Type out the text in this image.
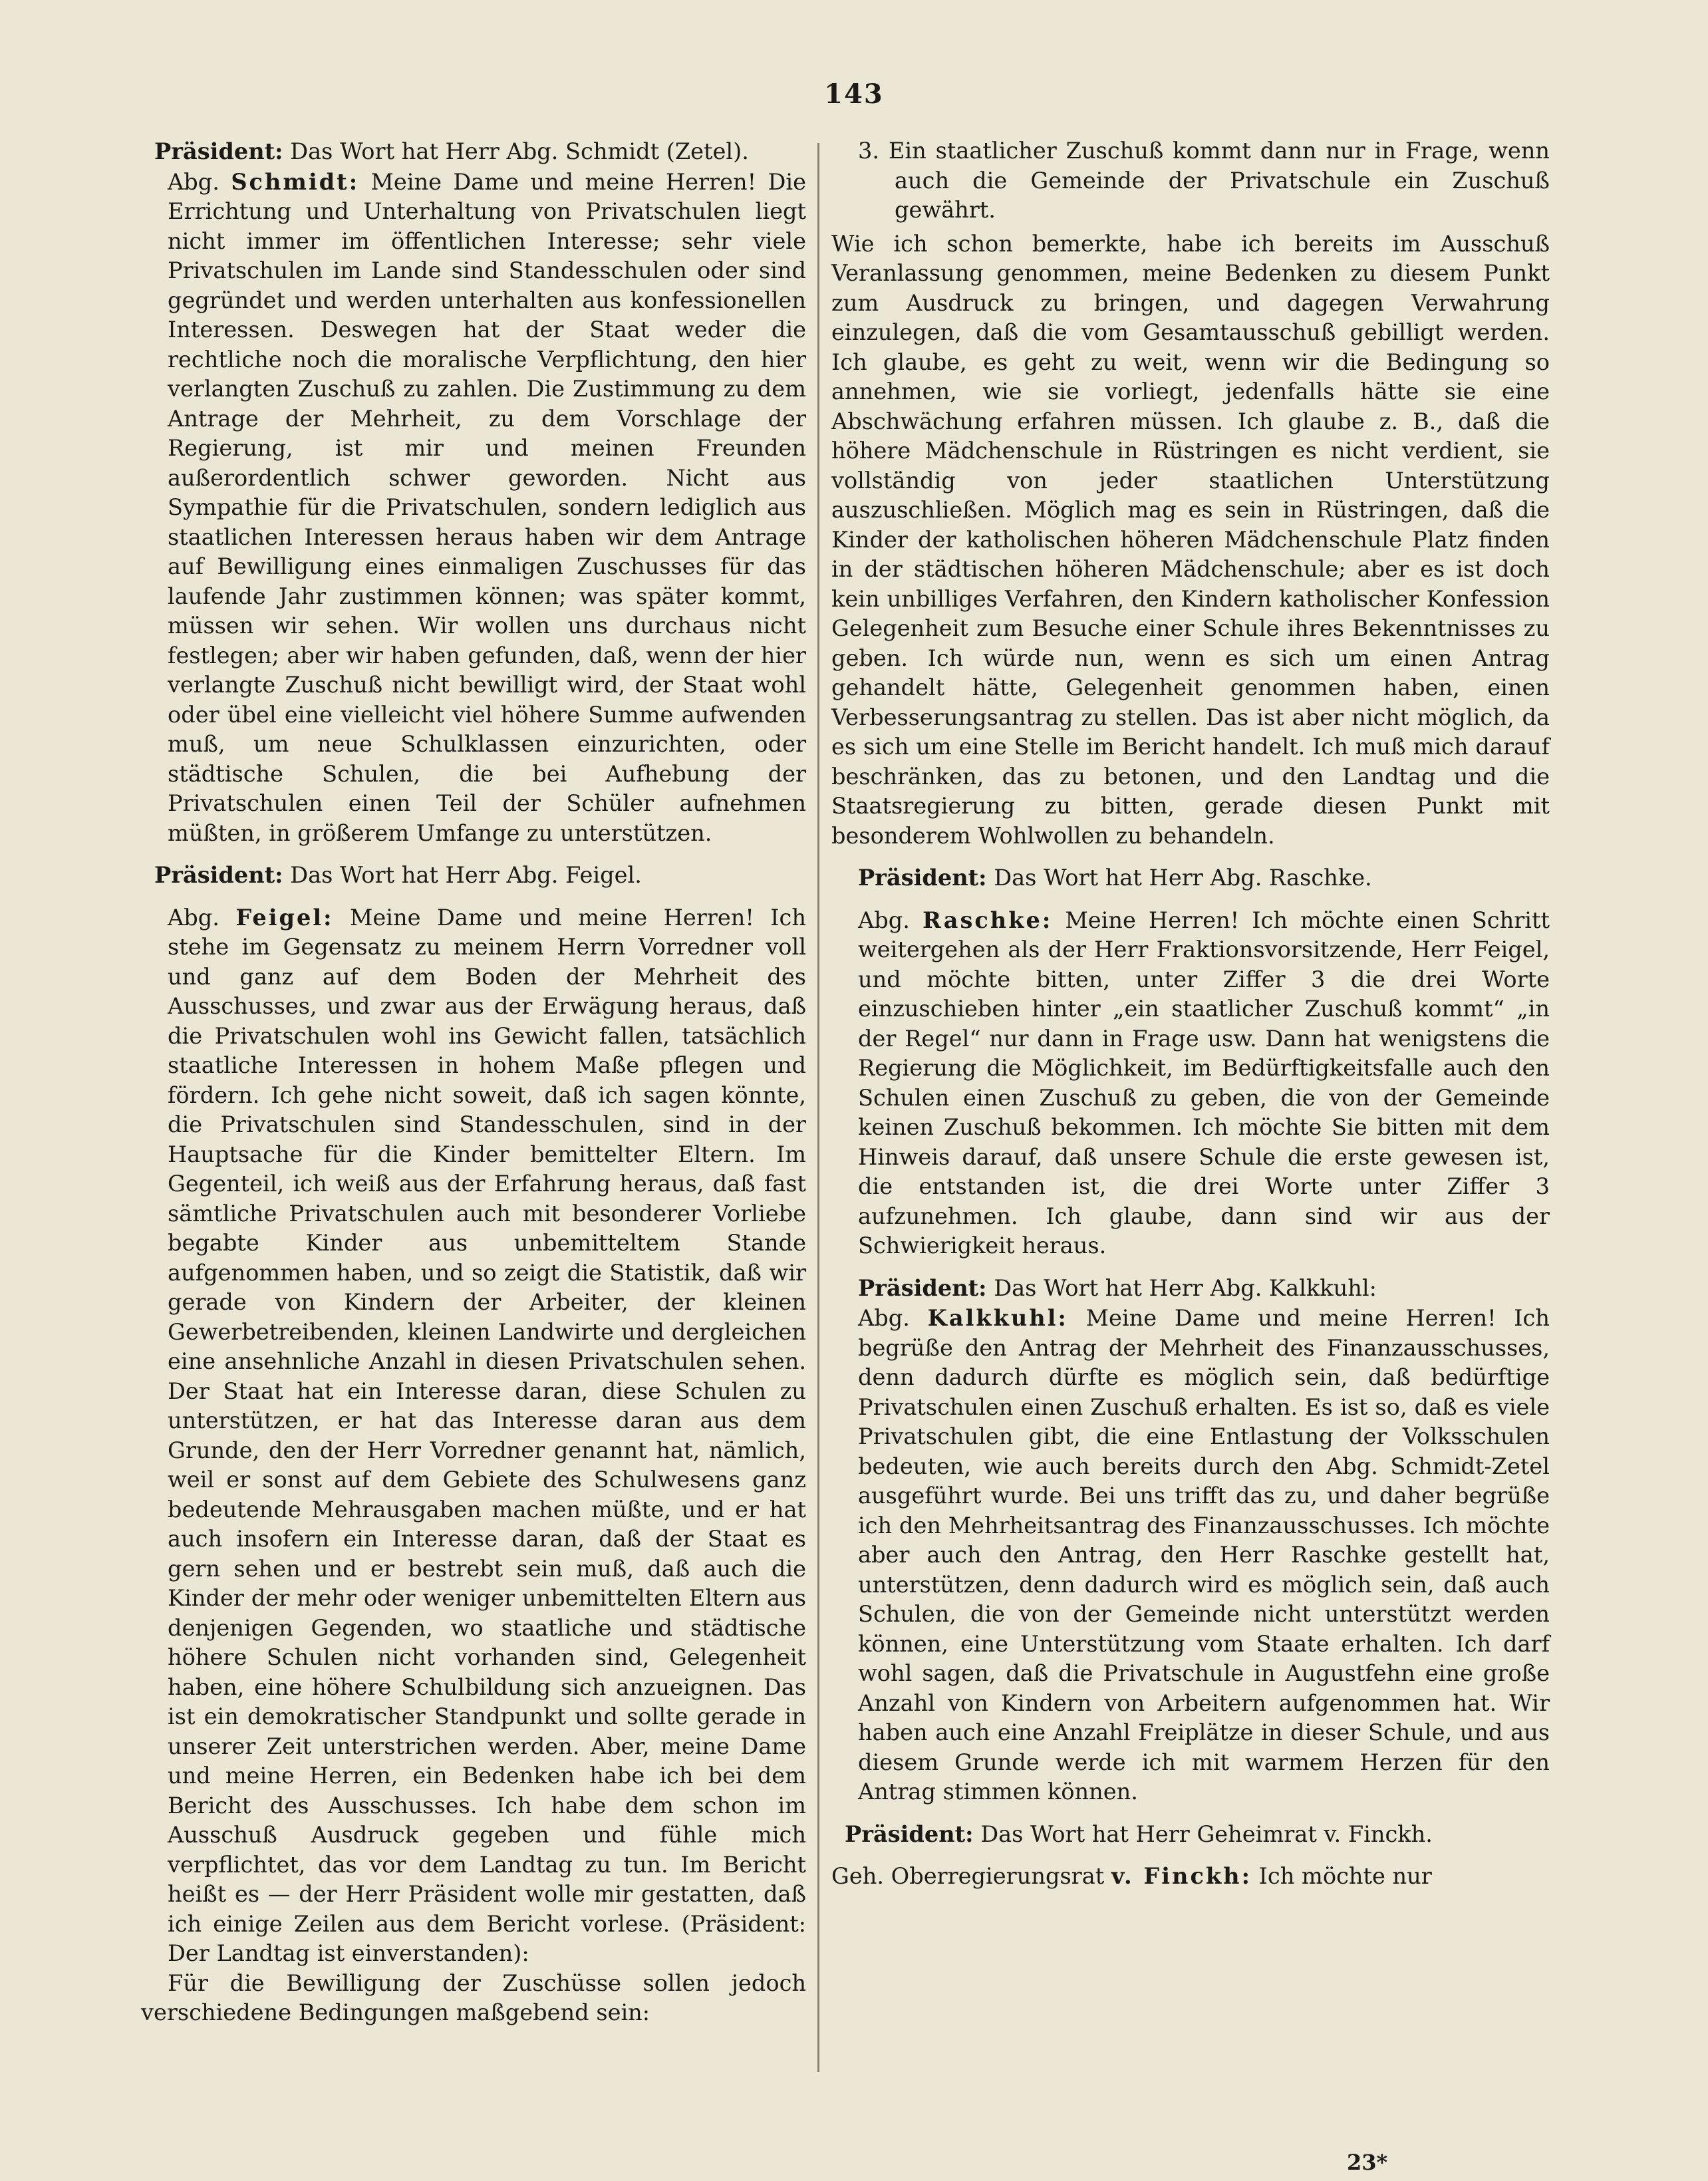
143

Präsident: Das Wort hat Herr Abg. Schmidt (Zetel).

Abg. Schmidt: Meine Dame und meine Herren! Die Errichtung und Unterhaltung von Privatschulen liegt nicht immer im öffentlichen Interesse; sehr viele Privatschulen im Lande sind Standesschulen oder sind gegründet und werden unterhalten aus konfessionellen Interessen. Deswegen hat der Staat weder die rechtliche noch die moralische Verpflichtung, den hier verlangten Zuschuß zu zahlen. Die Zustimmung zu dem Antrage der Mehrheit, zu dem Vorschlage der Regierung, ist mir und meinen Freunden außerordentlich schwer geworden. Nicht aus Sympathie für die Privatschulen, sondern lediglich aus staatlichen Interessen heraus haben wir dem Antrage auf Bewilligung eines einmaligen Zuschusses für das laufende Jahr zustimmen können; was später kommt, müssen wir sehen. Wir wollen uns durchaus nicht festlegen; aber wir haben gefunden, daß, wenn der hier verlangte Zuschuß nicht bewilligt wird, der Staat wohl oder übel eine vielleicht viel höhere Summe aufwenden muß, um neue Schulklassen einzurichten, oder städtische Schulen, die bei Aufhebung der Privatschulen einen Teil der Schüler aufnehmen müßten, in größerem Umfange zu unterstützen.

Präsident: Das Wort hat Herr Abg. Feigel.

Abg. Feigel: Meine Dame und meine Herren! Ich stehe im Gegensatz zu meinem Herrn Vorredner voll und ganz auf dem Boden der Mehrheit des Ausschusses, und zwar aus der Erwägung heraus, daß die Privatschulen wohl ins Gewicht fallen, tatsächlich staatliche Interessen in hohem Maße pflegen und fördern. Ich gehe nicht soweit, daß ich sagen könnte, die Privatschulen sind Standesschulen, sind in der Hauptsache für die Kinder bemittelter Eltern. Im Gegenteil, ich weiß aus der Erfahrung heraus, daß fast sämtliche Privatschulen auch mit besonderer Vorliebe begabte Kinder aus unbemitteltem Stande aufgenommen haben, und so zeigt die Statistik, daß wir gerade von Kindern der Arbeiter, der kleinen Gewerbetreibenden, kleinen Landwirte und dergleichen eine ansehnliche Anzahl in diesen Privatschulen sehen. Der Staat hat ein Interesse daran, diese Schulen zu unterstützen, er hat das Interesse daran aus dem Grunde, den der Herr Vorredner genannt hat, nämlich, weil er sonst auf dem Gebiete des Schulwesens ganz bedeutende Mehrausgaben machen müßte, und er hat auch insofern ein Interesse daran, daß der Staat es gern sehen und er bestrebt sein muß, daß auch die Kinder der mehr oder weniger unbemittelten Eltern aus denjenigen Gegenden, wo staatliche und städtische höhere Schulen nicht vorhanden sind, Gelegenheit haben, eine höhere Schulbildung sich anzueignen. Das ist ein demokratischer Standpunkt und sollte gerade in unserer Zeit unterstrichen werden. Aber, meine Dame und meine Herren, ein Bedenken habe ich bei dem Bericht des Ausschusses. Ich habe dem schon im Ausschuß Ausdruck gegeben und fühle mich verpflichtet, das vor dem Landtag zu tun. Im Bericht heißt es — der Herr Präsident wolle mir gestatten, daß ich einige Zeilen aus dem Bericht vorlese. (Präsident: Der Landtag ist einverstanden):

Für die Bewilligung der Zuschüsse sollen jedoch verschiedene Bedingungen maßgebend sein:

3. Ein staatlicher Zuschuß kommt dann nur in Frage, wenn auch die Gemeinde der Privatschule ein Zuschuß gewährt.

Wie ich schon bemerkte, habe ich bereits im Ausschuß Veranlassung genommen, meine Bedenken zu diesem Punkt zum Ausdruck zu bringen, und dagegen Verwahrung einzulegen, daß die vom Gesamtausschuß gebilligt werden. Ich glaube, es geht zu weit, wenn wir die Bedingung so annehmen, wie sie vorliegt, jedenfalls hätte sie eine Abschwächung erfahren müssen. Ich glaube z. B., daß die höhere Mädchenschule in Rüstringen es nicht verdient, sie vollständig von jeder staatlichen Unterstützung auszuschließen. Möglich mag es sein in Rüstringen, daß die Kinder der katholischen höheren Mädchenschule Platz finden in der städtischen höheren Mädchenschule; aber es ist doch kein unbilliges Verfahren, den Kindern katholischer Konfession Gelegenheit zum Besuche einer Schule ihres Bekenntnisses zu geben. Ich würde nun, wenn es sich um einen Antrag gehandelt hätte, Gelegenheit genommen haben, einen Verbesserungsantrag zu stellen. Das ist aber nicht möglich, da es sich um eine Stelle im Bericht handelt. Ich muß mich darauf beschränken, das zu betonen, und den Landtag und die Staatsregierung zu bitten, gerade diesen Punkt mit besonderem Wohlwollen zu behandeln.

Präsident: Das Wort hat Herr Abg. Raschke.

Abg. Raschke: Meine Herren! Ich möchte einen Schritt weitergehen als der Herr Fraktionsvorsitzende, Herr Feigel, und möchte bitten, unter Ziffer 3 die drei Worte einzuschieben hinter „ein staatlicher Zuschuß kommt“ „in der Regel“ nur dann in Frage usw. Dann hat wenigstens die Regierung die Möglichkeit, im Bedürftigkeitsfalle auch den Schulen einen Zuschuß zu geben, die von der Gemeinde keinen Zuschuß bekommen. Ich möchte Sie bitten mit dem Hinweis darauf, daß unsere Schule die erste gewesen ist, die entstanden ist, die drei Worte unter Ziffer 3 aufzunehmen. Ich glaube, dann sind wir aus der Schwierigkeit heraus.

Präsident: Das Wort hat Herr Abg. Kalkkuhl:

Abg. Kalkkuhl: Meine Dame und meine Herren! Ich begrüße den Antrag der Mehrheit des Finanzausschusses, denn dadurch dürfte es möglich sein, daß bedürftige Privatschulen einen Zuschuß erhalten. Es ist so, daß es viele Privatschulen gibt, die eine Entlastung der Volksschulen bedeuten, wie auch bereits durch den Abg. Schmidt-Zetel ausgeführt wurde. Bei uns trifft das zu, und daher begrüße ich den Mehrheitsantrag des Finanzausschusses. Ich möchte aber auch den Antrag, den Herr Raschke gestellt hat, unterstützen, denn dadurch wird es möglich sein, daß auch Schulen, die von der Gemeinde nicht unterstützt werden können, eine Unterstützung vom Staate erhalten. Ich darf wohl sagen, daß die Privatschule in Augustfehn eine große Anzahl von Kindern von Arbeitern aufgenommen hat. Wir haben auch eine Anzahl Freiplätze in dieser Schule, und aus diesem Grunde werde ich mit warmem Herzen für den Antrag stimmen können.

Präsident: Das Wort hat Herr Geheimrat v. Finckh.

Geh. Oberregierungsrat v. Finckh: Ich möchte nur

23*
